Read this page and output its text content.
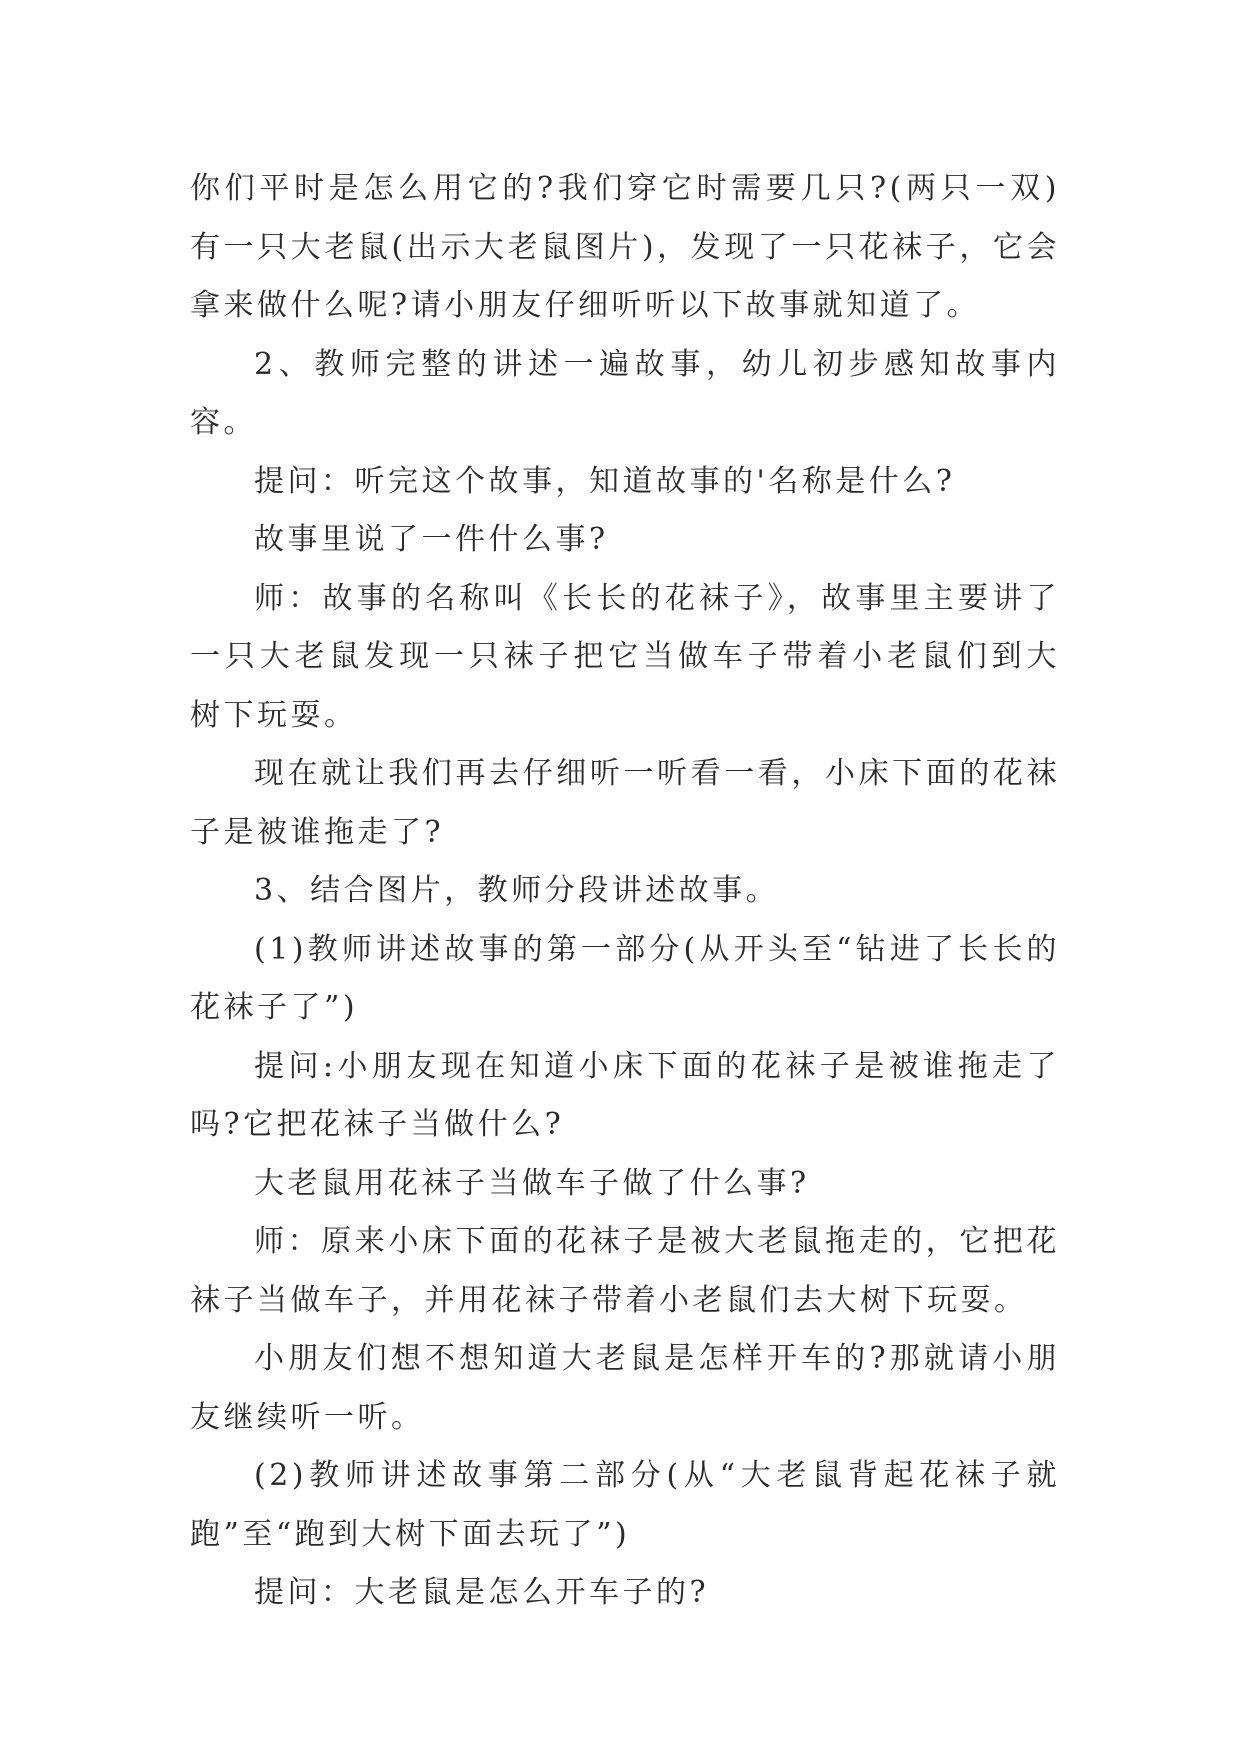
你们平时是怎么用它的?我们穿它时需要几只?(两只一双)有一只大老鼠(出示大老鼠图片)，发现了一只花袜子，它会拿来做什么呢?请小朋友仔细听听以下故事就知道了。

2、教师完整的讲述一遍故事，幼儿初步感知故事内容。

提问：听完这个故事，知道故事的'名称是什么?

故事里说了一件什么事?

师：故事的名称叫《长长的花袜子》，故事里主要讲了一只大老鼠发现一只袜子把它当做车子带着小老鼠们到大树下玩耍。

现在就让我们再去仔细听一听看一看，小床下面的花袜子是被谁拖走了?

3、结合图片，教师分段讲述故事。

(1)教师讲述故事的第一部分(从开头至“钻进了长长的花袜子了”)

提问:小朋友现在知道小床下面的花袜子是被谁拖走了吗?它把花袜子当做什么?

大老鼠用花袜子当做车子做了什么事?

师：原来小床下面的花袜子是被大老鼠拖走的，它把花袜子当做车子，并用花袜子带着小老鼠们去大树下玩耍。

小朋友们想不想知道大老鼠是怎样开车的?那就请小朋友继续听一听。

(2)教师讲述故事第二部分(从“大老鼠背起花袜子就跑”至“跑到大树下面去玩了”)

提问：大老鼠是怎么开车子的?
